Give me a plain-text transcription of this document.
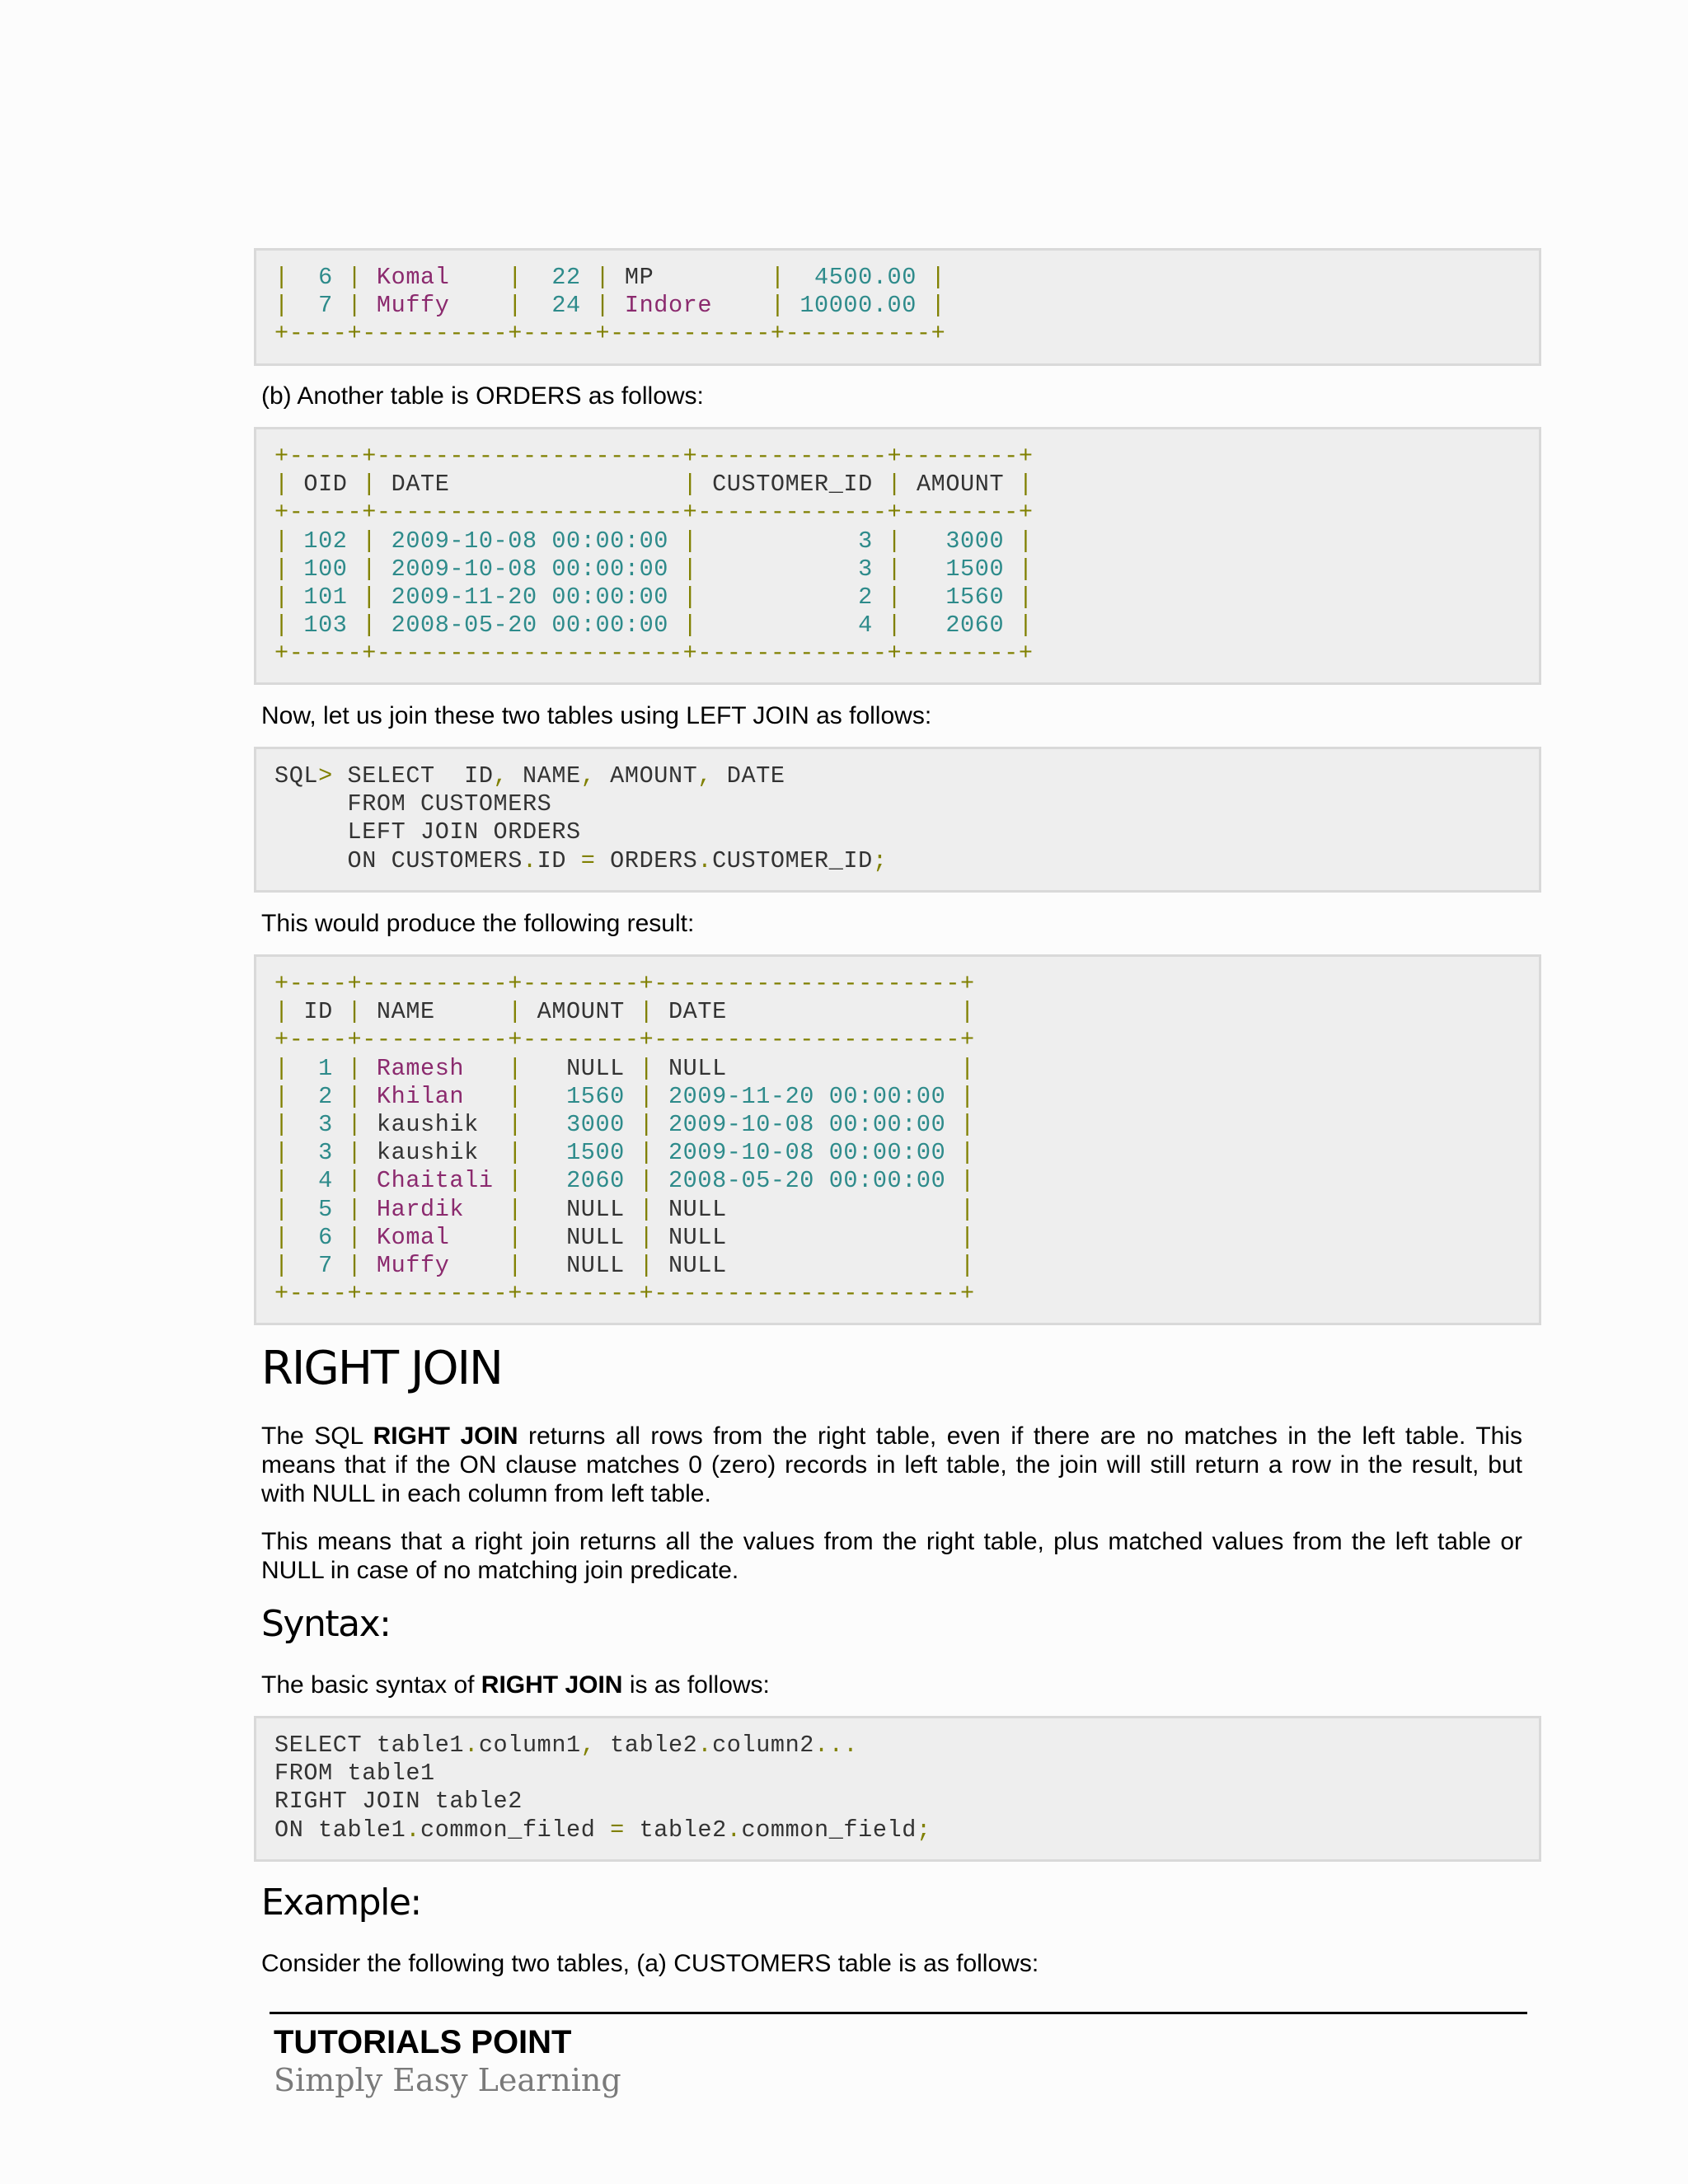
|  6 | Komal    |  22 | MP        |  4500.00 |
|  7 | Muffy    |  24 | Indore    | 10000.00 |
+----+----------+-----+-----------+----------+
(b) Another table is ORDERS as follows:
+-----+---------------------+-------------+--------+
| OID | DATE                | CUSTOMER_ID | AMOUNT |
+-----+---------------------+-------------+--------+
| 102 | 2009-10-08 00:00:00 |           3 |   3000 |
| 100 | 2009-10-08 00:00:00 |           3 |   1500 |
| 101 | 2009-11-20 00:00:00 |           2 |   1560 |
| 103 | 2008-05-20 00:00:00 |           4 |   2060 |
+-----+---------------------+-------------+--------+
Now, let us join these two tables using LEFT JOIN as follows:
SQL> SELECT  ID, NAME, AMOUNT, DATE
FROM CUSTOMERS
LEFT JOIN ORDERS
ON CUSTOMERS.ID = ORDERS.CUSTOMER_ID;
This would produce the following result:
+----+----------+--------+---------------------+
| ID | NAME     | AMOUNT | DATE                |
+----+----------+--------+---------------------+
|  1 | Ramesh   |   NULL | NULL                |
|  2 | Khilan   |   1560 | 2009-11-20 00:00:00 |
|  3 | kaushik  |   3000 | 2009-10-08 00:00:00 |
|  3 | kaushik  |   1500 | 2009-10-08 00:00:00 |
|  4 | Chaitali |   2060 | 2008-05-20 00:00:00 |
|  5 | Hardik   |   NULL | NULL                |
|  6 | Komal    |   NULL | NULL                |
|  7 | Muffy    |   NULL | NULL                |
+----+----------+--------+---------------------+
RIGHT JOIN
The SQL RIGHT JOIN returns all rows from the right table, even if there are no matches in the left table. This means that if the ON clause matches 0 (zero) records in left table, the join will still return a row in the result, but with NULL in each column from left table.
This means that a right join returns all the values from the right table, plus matched values from the left table or NULL in case of no matching join predicate.
Syntax:
The basic syntax of RIGHT JOIN is as follows:
SELECT table1.column1, table2.column2...
FROM table1
RIGHT JOIN table2
ON table1.common_filed = table2.common_field;
Example:
Consider the following two tables, (a) CUSTOMERS table is as follows:
TUTORIALS POINT
Simply Easy Learning
